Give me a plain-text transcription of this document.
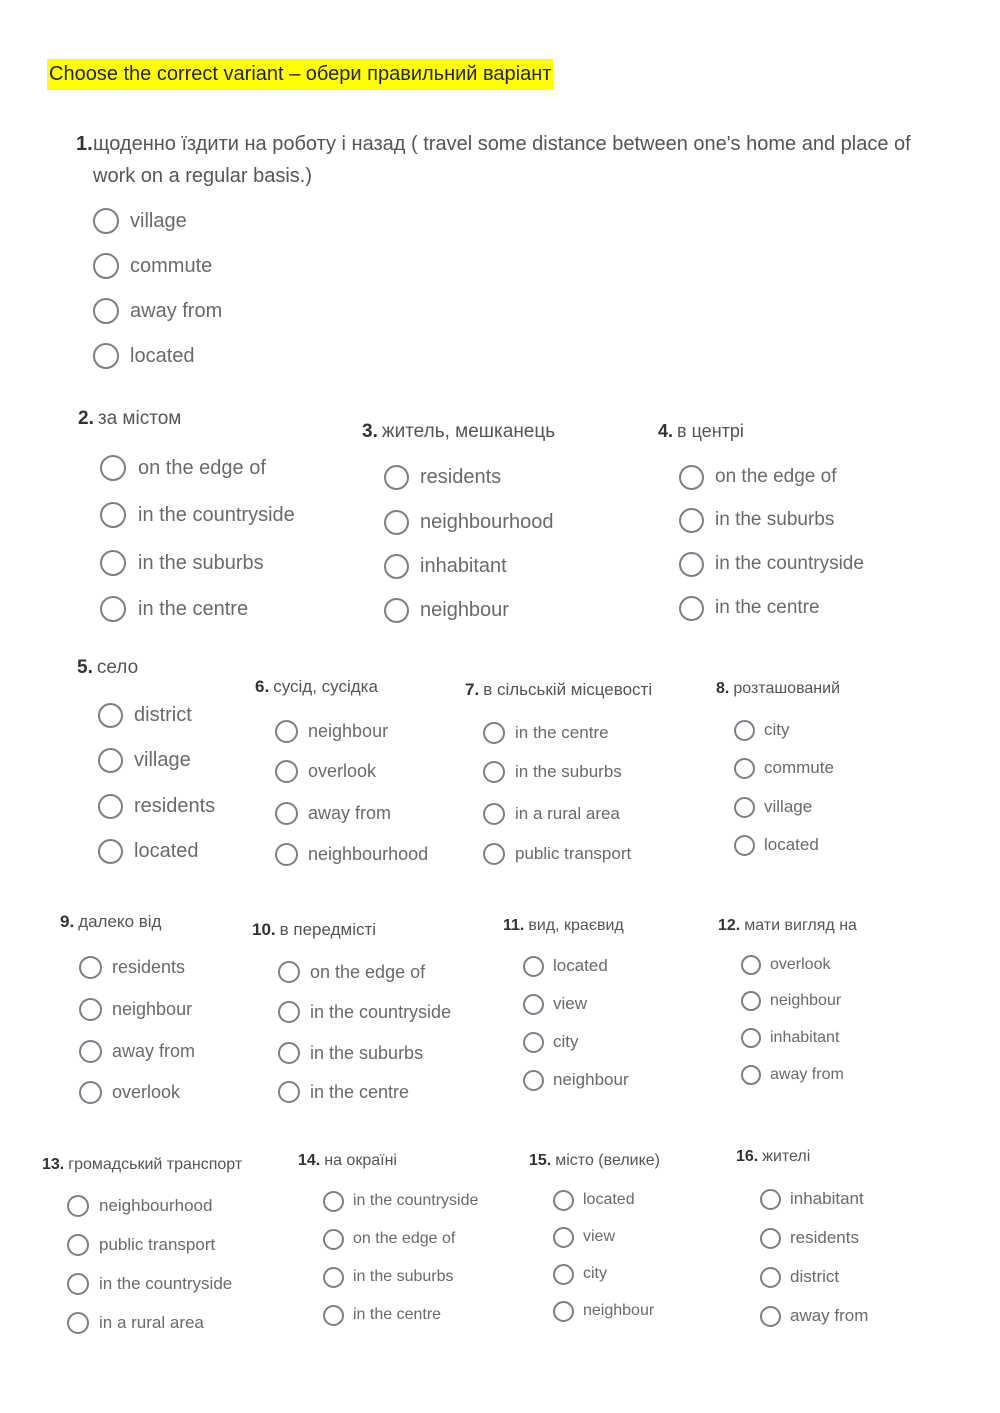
Choose the correct variant – обери правильний варіант
1. щоденно їздити на роботу і назад ( travel some distance between one's home and place of work on a regular basis.)
village
commute
away from
located
2. за містом
on the edge of
in the countryside
in the suburbs
in the centre
3. житель, мешканець
residents
neighbourhood
inhabitant
neighbour
4. в центрі
on the edge of
in the suburbs
in the countryside
in the centre
5. село
district
village
residents
located
6. сусід, сусідка
neighbour
overlook
away from
neighbourhood
7. в сільській місцевості
in the centre
in the suburbs
in a rural area
public transport
8. розташований
city
commute
village
located
9. далеко від
residents
neighbour
away from
overlook
10. в передмісті
on the edge of
in the countryside
in the suburbs
in the centre
11. вид, краєвид
located
view
city
neighbour
12. мати вигляд на
overlook
neighbour
inhabitant
away from
13. громадський транспорт
neighbourhood
public transport
in the countryside
in a rural area
14. на окраїні
in the countryside
on the edge of
in the suburbs
in the centre
15. місто (велике)
located
view
city
neighbour
16. жителі
inhabitant
residents
district
away from
